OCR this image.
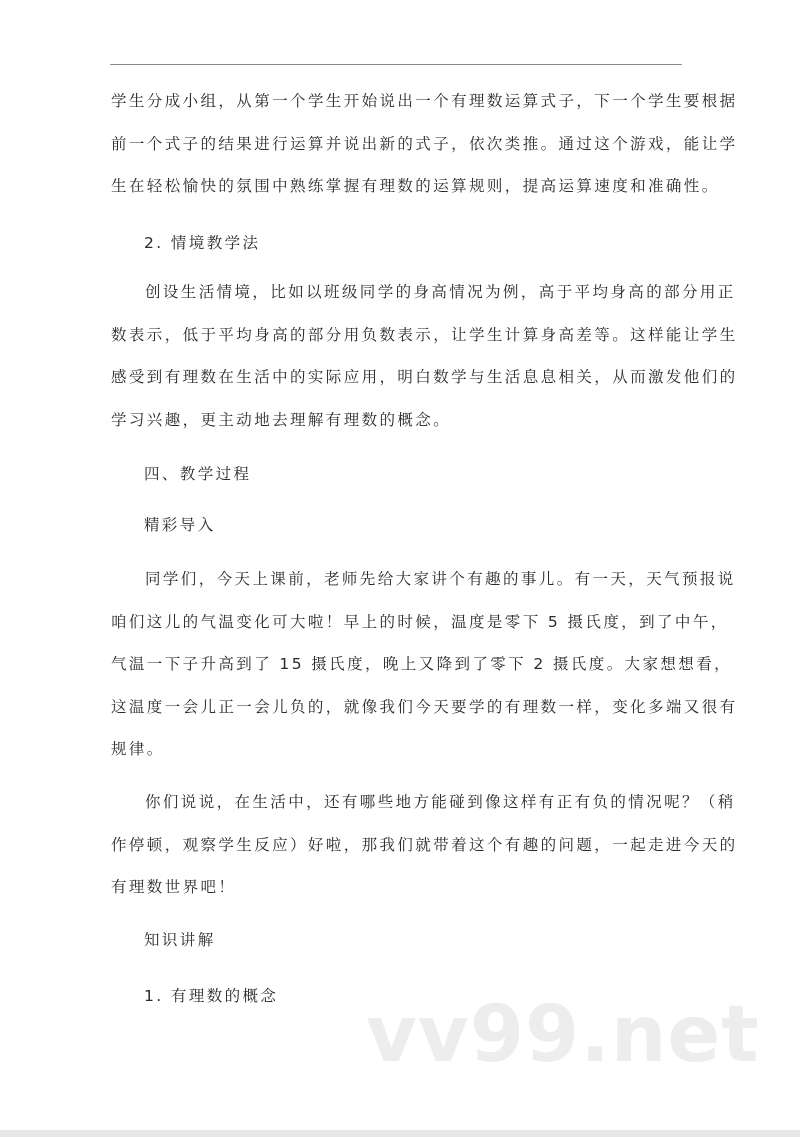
学生分成小组，从第一个学生开始说出一个有理数运算式子，下一个学生要根据
前一个式子的结果进行运算并说出新的式子，依次类推。通过这个游戏，能让学
生在轻松愉快的氛围中熟练掌握有理数的运算规则，提高运算速度和准确性。
2. 情境教学法
创设生活情境，比如以班级同学的身高情况为例，高于平均身高的部分用正
数表示，低于平均身高的部分用负数表示，让学生计算身高差等。这样能让学生
感受到有理数在生活中的实际应用，明白数学与生活息息相关，从而激发他们的
学习兴趣，更主动地去理解有理数的概念。
四、教学过程
精彩导入
同学们，今天上课前，老师先给大家讲个有趣的事儿。有一天，天气预报说
咱们这儿的气温变化可大啦！早上的时候，温度是零下 5 摄氏度，到了中午，
气温一下子升高到了 15 摄氏度，晚上又降到了零下 2 摄氏度。大家想想看，
这温度一会儿正一会儿负的，就像我们今天要学的有理数一样，变化多端又很有
规律。
你们说说，在生活中，还有哪些地方能碰到像这样有正有负的情况呢？（稍
作停顿，观察学生反应）好啦，那我们就带着这个有趣的问题，一起走进今天的
有理数世界吧！
知识讲解
1. 有理数的概念 vv99.net
